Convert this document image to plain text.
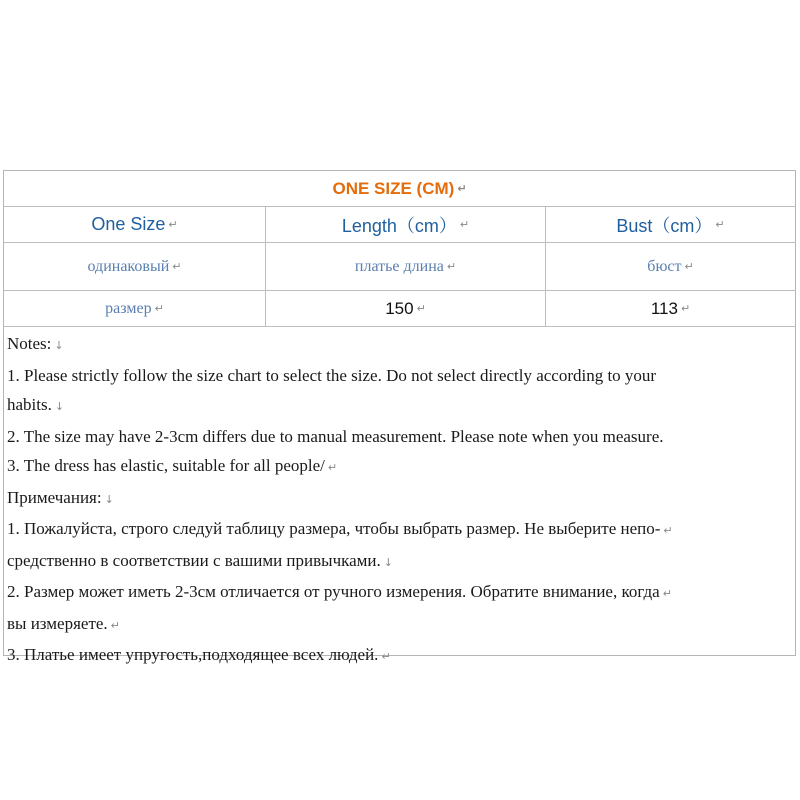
ONE SIZE (CM) ↵
One Size ↵	Length（cm） ↵	Bust（cm） ↵
одинаковый ↵	платье длина ↵	бюст ↵
размер ↵	150 ↵	113 ↵

Notes: ↓

1. Please strictly follow the size chart to select the size. Do not select directly according to your

habits. ↓

2. The size may have 2-3cm differs due to manual measurement. Please note when you measure.

3. The dress has elastic, suitable for all people/ ↵

Примечания: ↓

1. Пожалуйста, строго следуй таблицу размера, чтобы выбрать размер. Не выберите непо- ↵

средственно в соответствии с вашими привычками. ↓

2. Размер может иметь 2-3см отличается от ручного измерения. Обратите внимание, когда ↵

вы измеряете. ↵

3. Платье имеет упругость,подходящее всех людей. ↵
